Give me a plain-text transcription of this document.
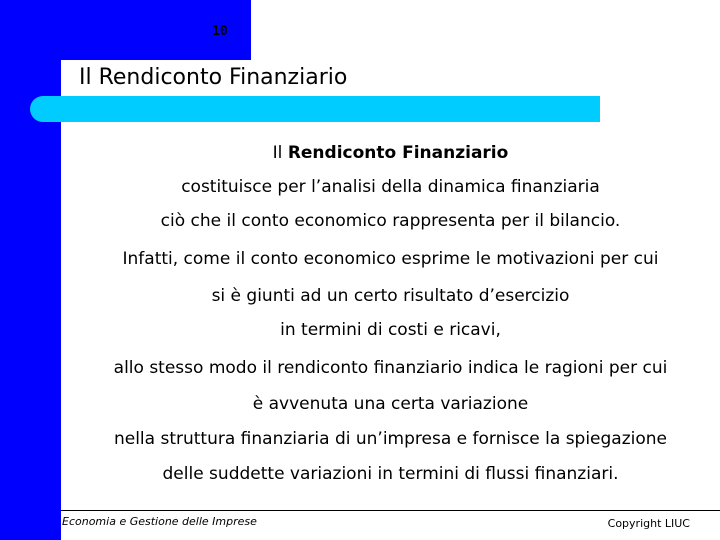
10
Il Rendiconto Finanziario
Il Rendiconto Finanziario
costituisce per l’analisi della dinamica finanziaria
ciò che il conto economico rappresenta per il bilancio.
Infatti, come il conto economico esprime le motivazioni per cui
si è giunti ad un certo risultato d’esercizio
in termini di costi e ricavi,
allo stesso modo il rendiconto finanziario indica le ragioni per cui
è avvenuta una certa variazione
nella struttura finanziaria di un’impresa e fornisce la spiegazione
delle suddette variazioni in termini di flussi finanziari.
Economia e Gestione delle Imprese	Copyright LIUC
